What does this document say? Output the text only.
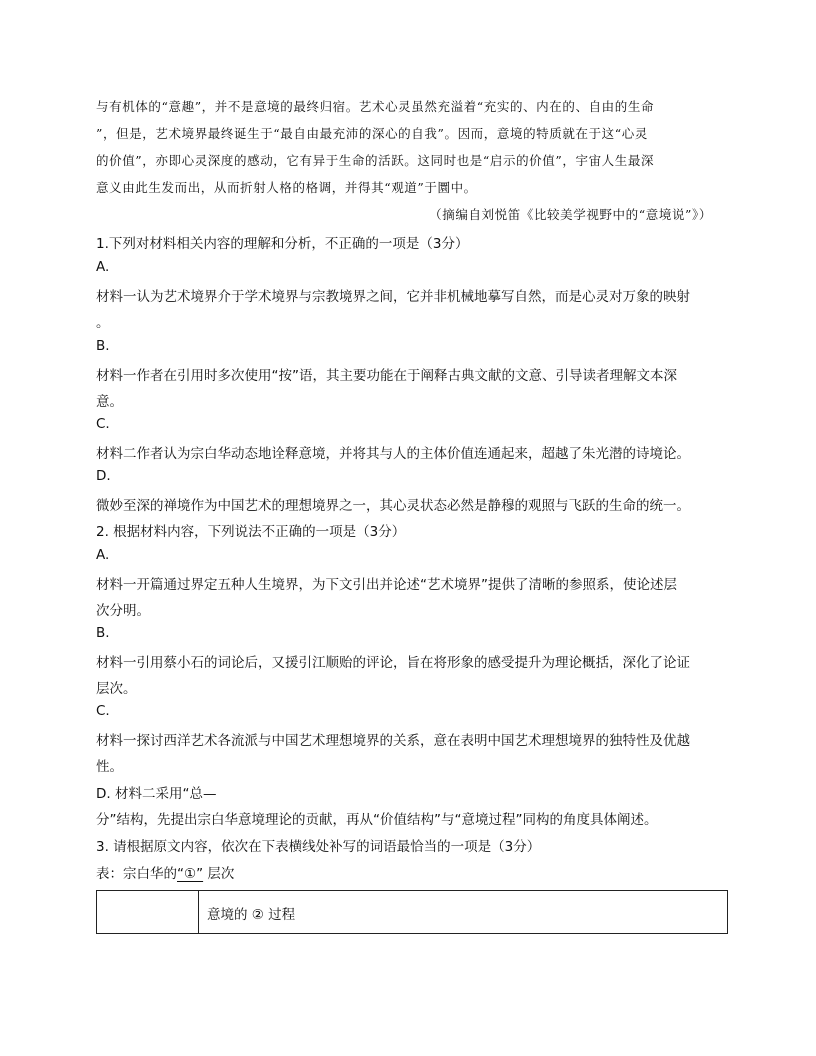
与有机体的“意趣”，并不是意境的最终归宿。艺术心灵虽然充溢着“充实的、内在的、自由的生命
”，但是，艺术境界最终诞生于“最自由最充沛的深心的自我”。因而，意境的特质就在于这“心灵
的价值”，亦即心灵深度的感动，它有异于生命的活跃。这同时也是“启示的价值”，宇宙人生最深
意义由此生发而出，从而折射人格的格调，并得其“观道”于圜中。
（摘编自刘悦笛《比较美学视野中的“意境说”》）
1.下列对材料相关内容的理解和分析，不正确的一项是（3分）
A.
材料一认为艺术境界介于学术境界与宗教境界之间，它并非机械地摹写自然，而是心灵对万象的映射
。
B.
材料一作者在引用时多次使用“按”语，其主要功能在于阐释古典文献的文意、引导读者理解文本深
意。
C.
材料二作者认为宗白华动态地诠释意境，并将其与人的主体价值连通起来，超越了朱光潜的诗境论。
D.
微妙至深的禅境作为中国艺术的理想境界之一，其心灵状态必然是静穆的观照与飞跃的生命的统一。
2. 根据材料内容，下列说法不正确的一项是（3分）
A.
材料一开篇通过界定五种人生境界，为下文引出并论述“艺术境界”提供了清晰的参照系，使论述层
次分明。
B.
材料一引用蔡小石的词论后，又援引江顺贻的评论，旨在将形象的感受提升为理论概括，深化了论证
层次。
C.
材料一探讨西洋艺术各流派与中国艺术理想境界的关系，意在表明中国艺术理想境界的独特性及优越
性。
D. 材料二采用“总—
分”结构，先提出宗白华意境理论的贡献，再从“价值结构”与“意境过程”同构的角度具体阐述。
3. 请根据原文内容，依次在下表横线处补写的词语最恰当的一项是（3分）
表：宗白华的“①” 层次
意境的 ② 过程
